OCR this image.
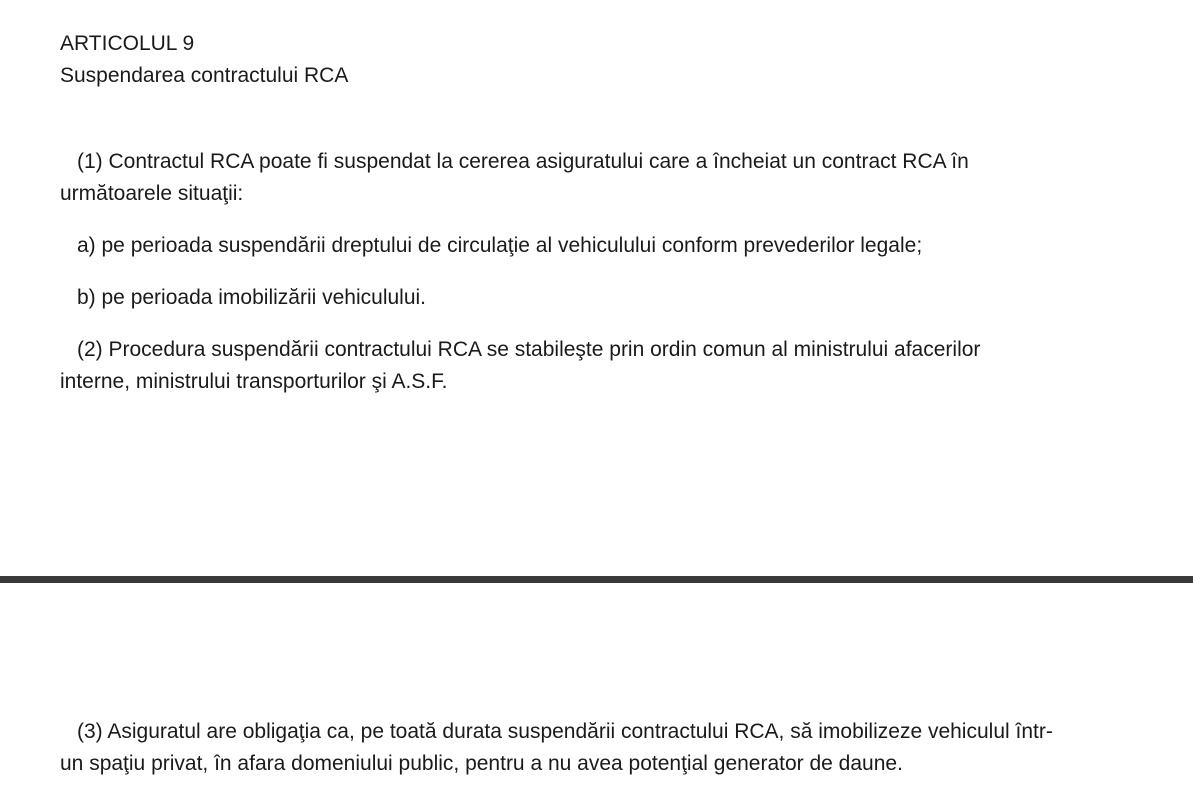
ARTICOLUL 9
Suspendarea contractului RCA
(1) Contractul RCA poate fi suspendat la cererea asiguratului care a încheiat un contract RCA în
următoarele situaţii:
a) pe perioada suspendării dreptului de circulaţie al vehiculului conform prevederilor legale;
b) pe perioada imobilizării vehiculului.
(2) Procedura suspendării contractului RCA se stabileşte prin ordin comun al ministrului afacerilor
interne, ministrului transporturilor şi A.S.F.
(3) Asiguratul are obligaţia ca, pe toată durata suspendării contractului RCA, să imobilizeze vehiculul într-
un spaţiu privat, în afara domeniului public, pentru a nu avea potenţial generator de daune.
